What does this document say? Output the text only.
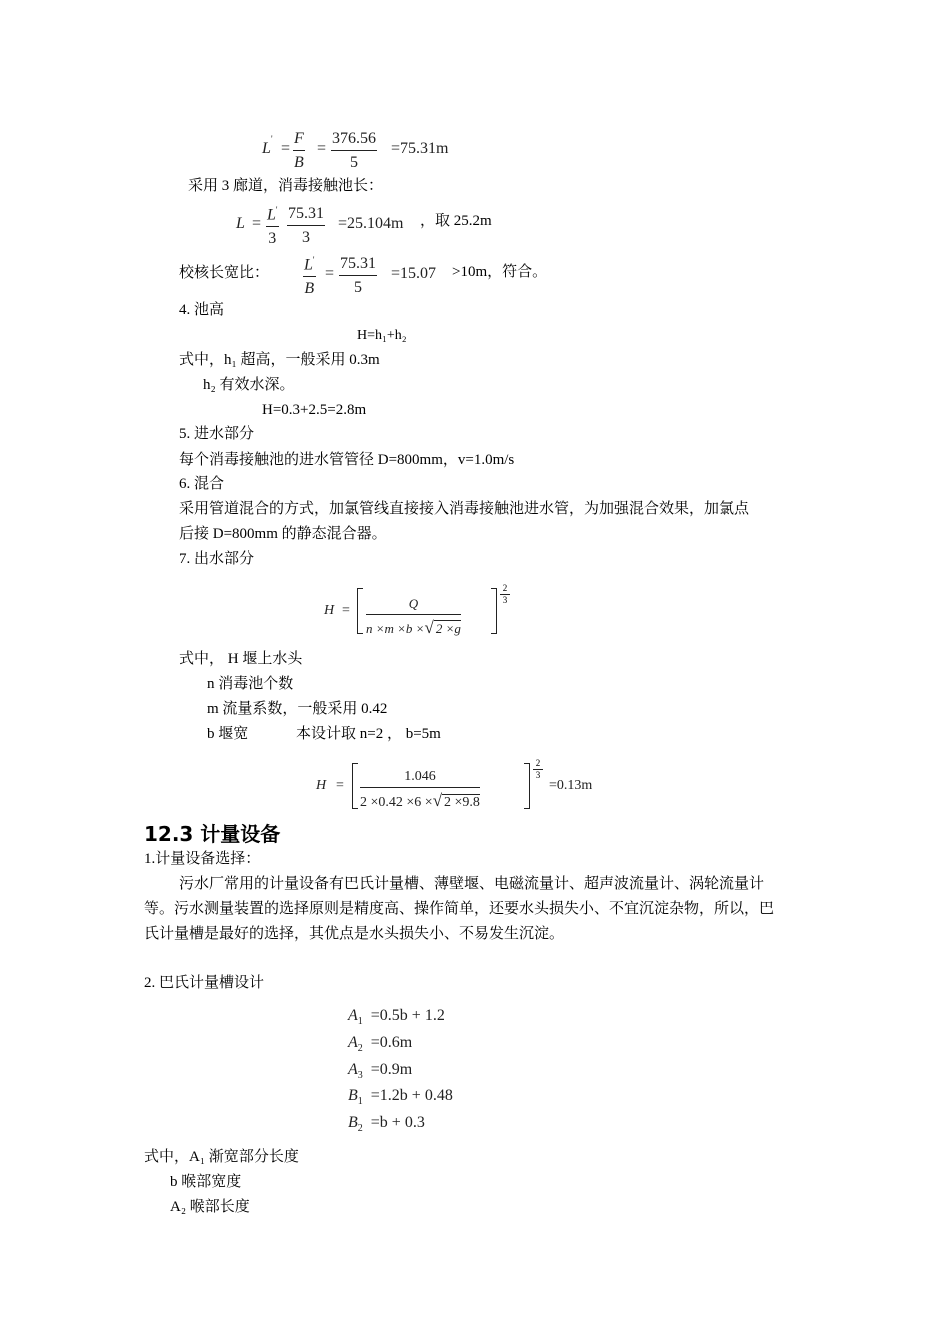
L
'
= $\frac{F}{B} = \frac{376.56}{5} =75.31m$
采用 3 廊道，消毒接触池长：
$L = \frac{L'}{3} \frac{75.31}{3} =25.104m$ ，取 25.2m
校核长宽比： $\frac{L'}{B} = \frac{75.31}{5} =15.07 >10m$，符合。
4. 池高
H=h₁+h₂
式中，h₁ 超高，一般采用 0.3m
h₂ 有效水深。
H=0.3+2.5=2.8m
5. 进水部分
每个消毒接触池的进水管管径 D=800mm，v=1.0m/s
6. 混合
采用管道混合的方式，加氯管线直接接入消毒接触池进水管，为加强混合效果，加氯点
后接 D=800mm 的静态混合器。
7. 出水部分
$H = \frac{Q}{n \times m \times b \times√ 2 \times g}$
2
3
式中， H 堰上水头
n 消毒池个数
m 流量系数，一般采用 0.42
b 堰宽	本设计取 n=2 ， b=5m
$H = \frac{1.046}{2 \times 0.42 \times 6 \times√ 2 \times 9.8}$
2
3
=0.13m
12.3 计量设备
1.计量设备选择：
污水厂常用的计量设备有巴氏计量槽、薄壁堰、电磁流量计、超声波流量计、涡轮流量计
等。污水测量装置的选择原则是精度高、操作简单，还要水头损失小、不宜沉淀杂物，所以，巴
氏计量槽是最好的选择，其优点是水头损失小、不易发生沉淀。
2. 巴氏计量槽设计
$A_1 =0.5b + 1.2$
$A_2 =0.6m$
$A_3 =0.9m$
$B_1 =1.2b + 0.48$
$B_2 =b + 0.3$
式中，A₁ 渐宽部分长度
b 喉部宽度
A₂ 喉部长度
